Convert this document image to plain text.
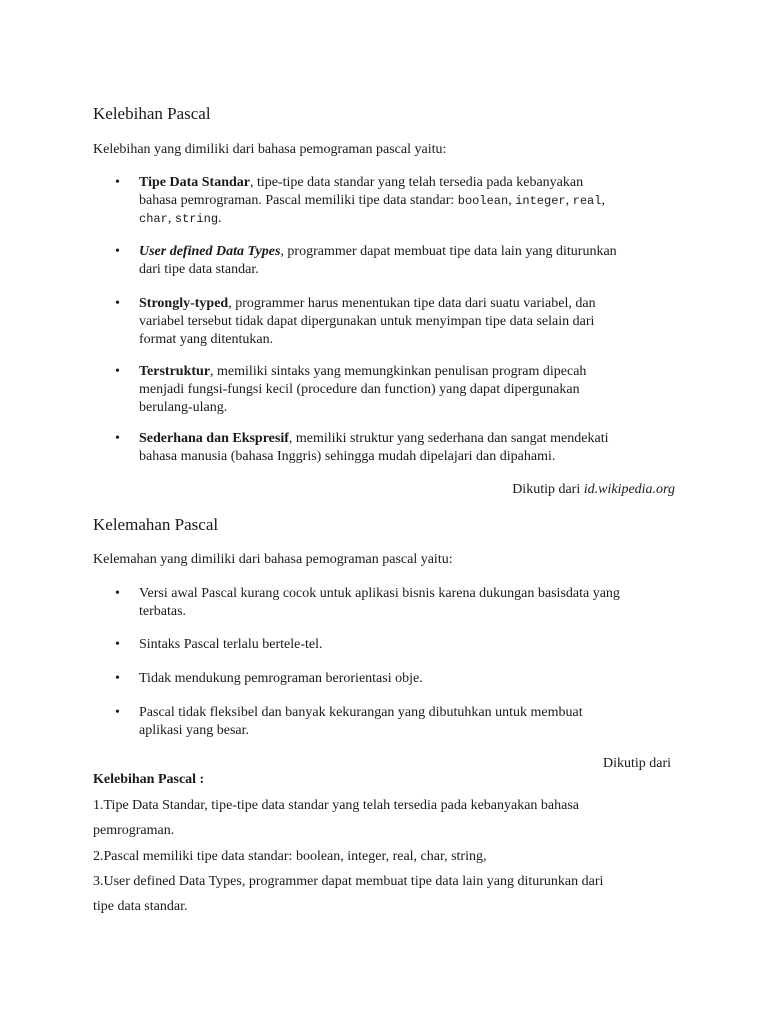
Kelebihan Pascal

Kelebihan yang dimiliki dari bahasa pemograman pascal yaitu:

• Tipe Data Standar, tipe-tipe data standar yang telah tersedia pada kebanyakan
bahasa pemrograman. Pascal memiliki tipe data standar: boolean, integer, real,
char, string.
• User defined Data Types, programmer dapat membuat tipe data lain yang diturunkan
dari tipe data standar.
• Strongly-typed, programmer harus menentukan tipe data dari suatu variabel, dan
variabel tersebut tidak dapat dipergunakan untuk menyimpan tipe data selain dari
format yang ditentukan.
• Terstruktur, memiliki sintaks yang memungkinkan penulisan program dipecah
menjadi fungsi-fungsi kecil (procedure dan function) yang dapat dipergunakan
berulang-ulang.
• Sederhana dan Ekspresif, memiliki struktur yang sederhana dan sangat mendekati
bahasa manusia (bahasa Inggris) sehingga mudah dipelajari dan dipahami.

Dikutip dari id.wikipedia.org

Kelemahan Pascal

Kelemahan yang dimiliki dari bahasa pemograman pascal yaitu:

• Versi awal Pascal kurang cocok untuk aplikasi bisnis karena dukungan basisdata yang
terbatas.
• Sintaks Pascal terlalu bertele-tel.
• Tidak mendukung pemrograman berorientasi obje.
• Pascal tidak fleksibel dan banyak kekurangan yang dibutuhkan untuk membuat
aplikasi yang besar.

Dikutip dari

Kelebihan Pascal :

1.Tipe Data Standar, tipe-tipe data standar yang telah tersedia pada kebanyakan bahasa

pemrograman.

2.Pascal memiliki tipe data standar: boolean, integer, real, char, string,

3.User defined Data Types, programmer dapat membuat tipe data lain yang diturunkan dari

tipe data standar.
